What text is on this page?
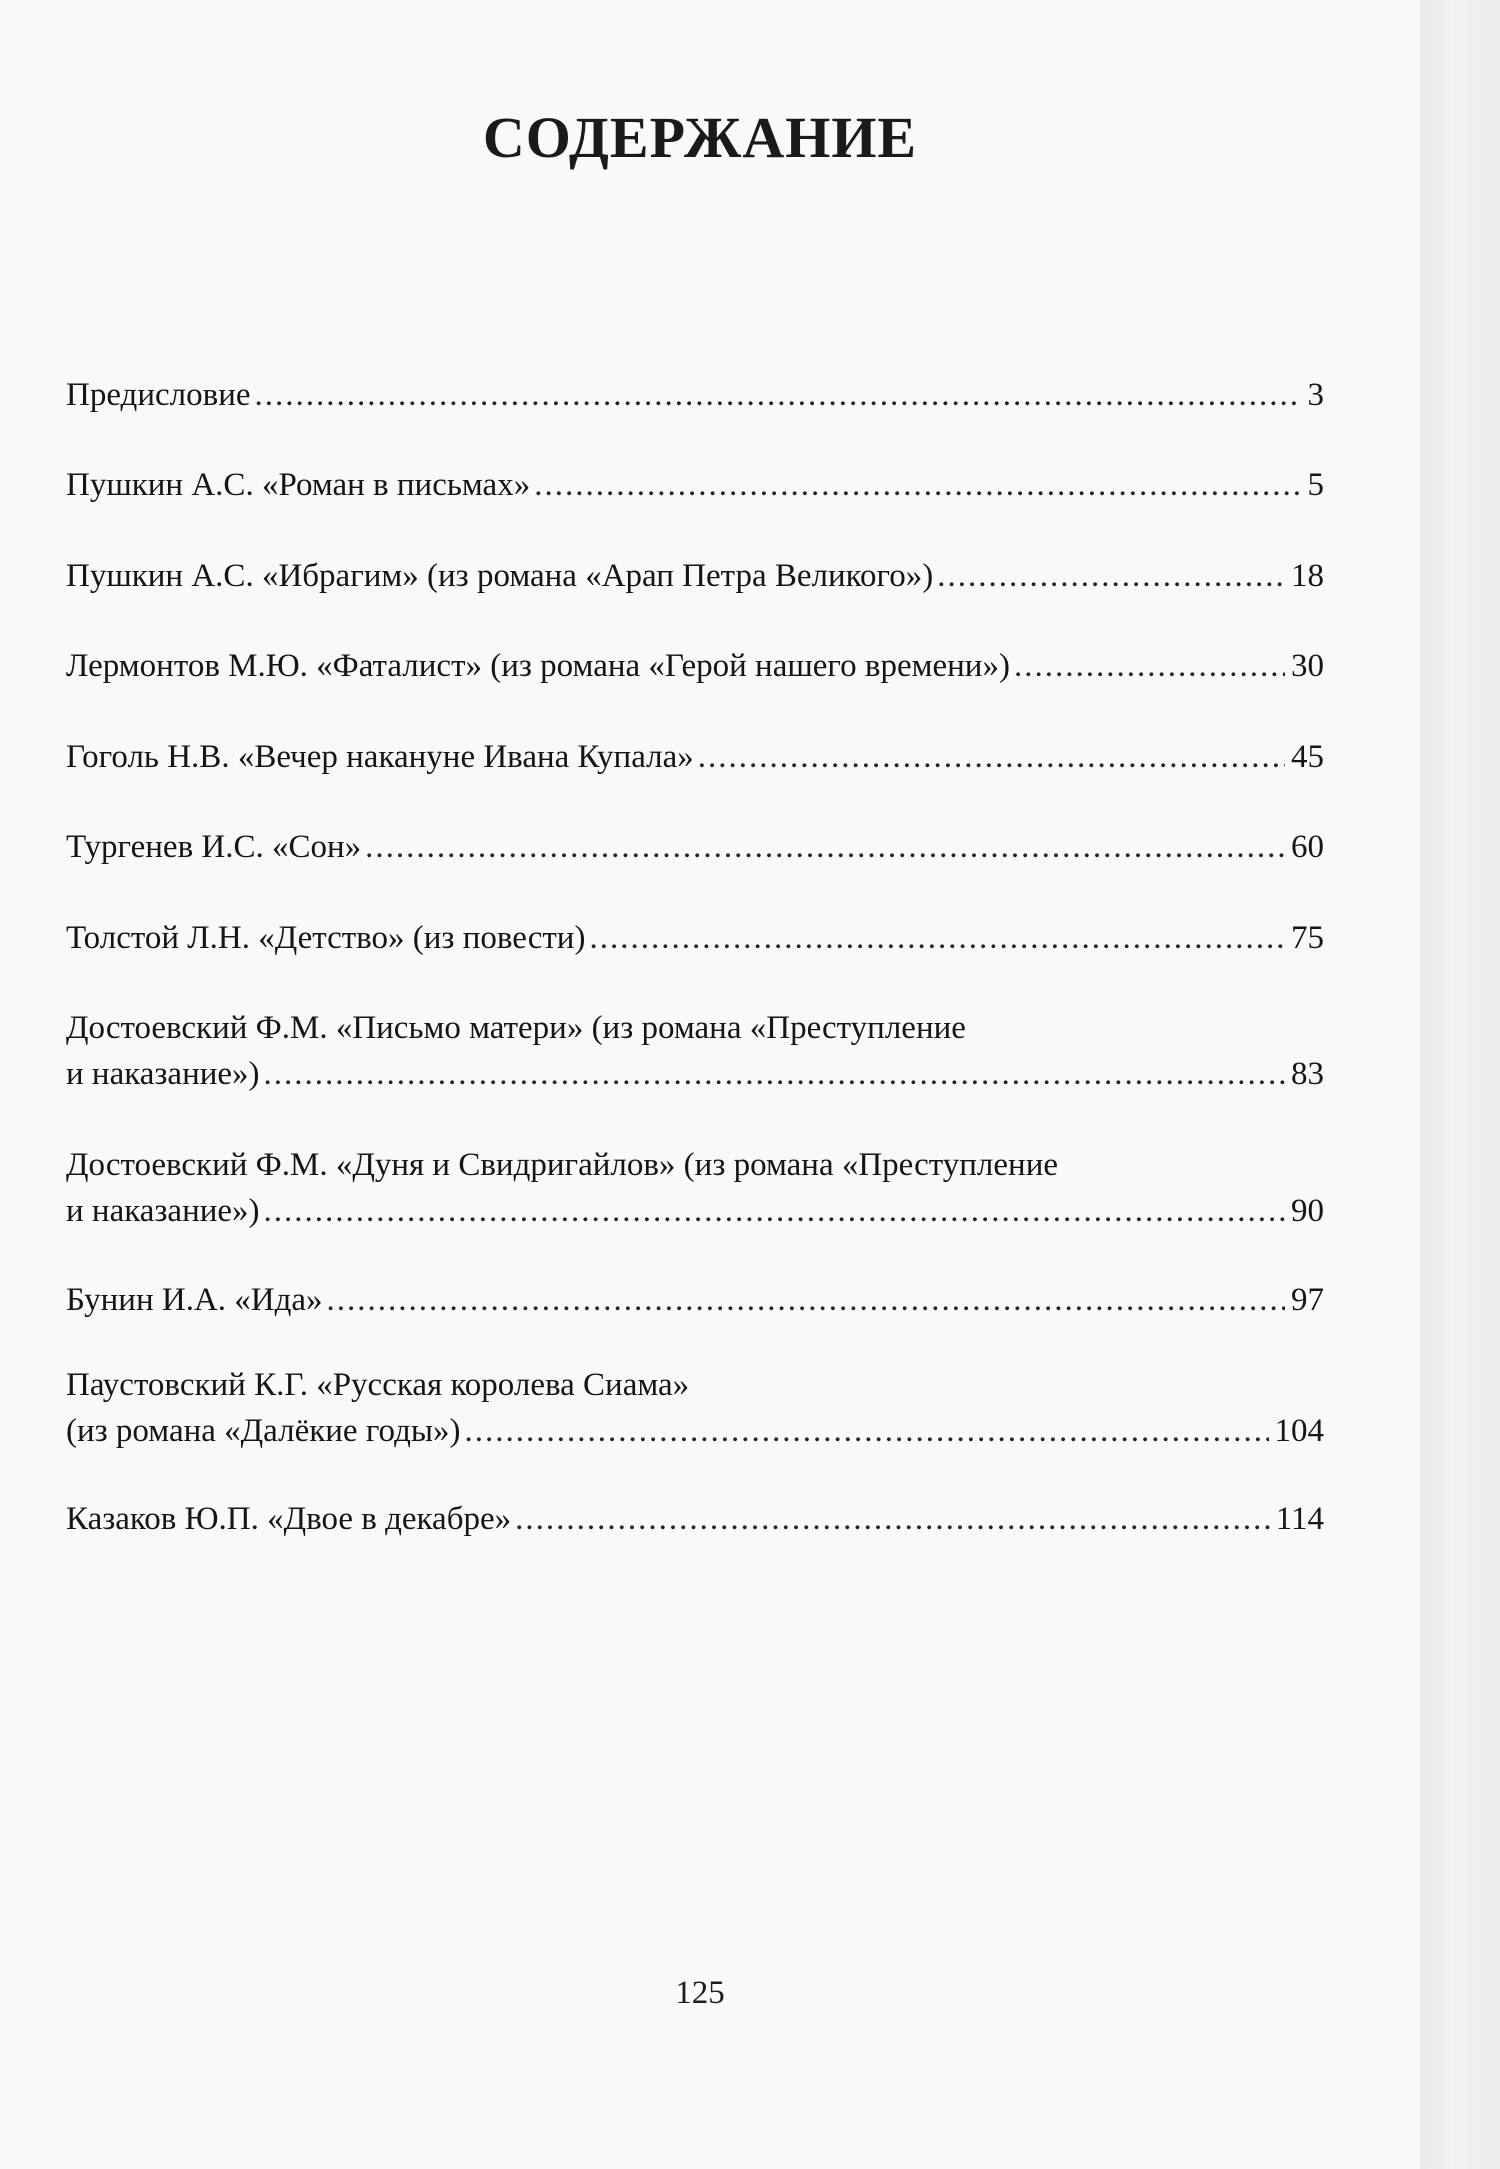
СОДЕРЖАНИЕ
Предисловие .....	3
Пушкин А.С. «Роман в письмах» .....	5
Пушкин А.С. «Ибрагим» (из романа «Арап Петра Великого») .....	18
Лермонтов М.Ю. «Фаталист» (из романа «Герой нашего времени») .....	30
Гоголь Н.В. «Вечер накануне Ивана Купала» .....	45
Тургенев И.С. «Сон» .....	60
Толстой Л.Н. «Детство» (из повести) .....	75
Достоевский Ф.М. «Письмо матери» (из романа «Преступление
и наказание») .....	83
Достоевский Ф.М. «Дуня и Свидригайлов» (из романа «Преступление
и наказание») .....	90
Бунин И.А. «Ида» .....	97
Паустовский К.Г. «Русская королева Сиама»
(из романа «Далёкие годы») .....	104
Казаков Ю.П. «Двое в декабре» .....	114
125
